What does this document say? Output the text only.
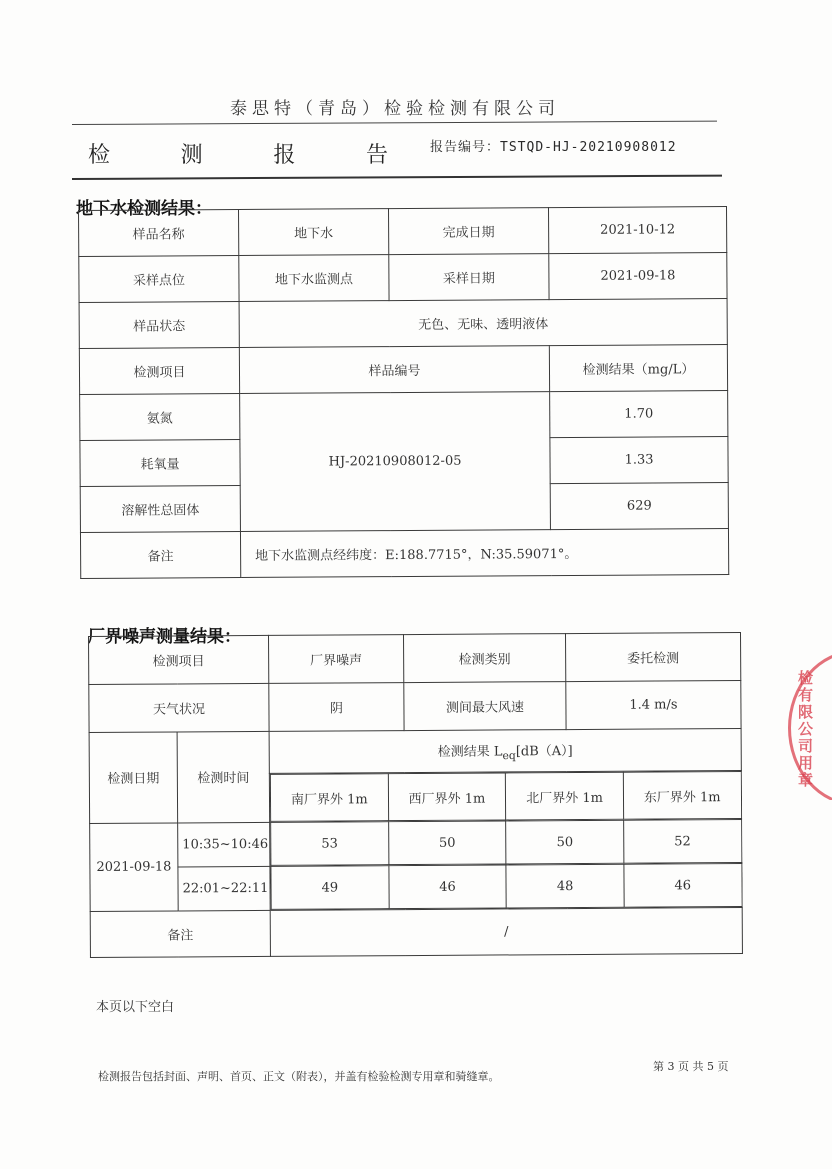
泰思特（青岛）检验检测有限公司
检	测	报	告	报告编号：TSTQD-HJ-20210908012
地下水检测结果：
样品名称	地下水	完成日期	2021-10-12
采样点位	地下水监测点	采样日期	2021-09-18
样品状态	无色、无味、透明液体		
检测项目	样品编号		检测结果（mg/L）
氨氮	HJ-20210908012-05		1.70
耗氧量			1.33
溶解性总固体			629
备注	地下水监测点经纬度：E:188.7715°，N:35.59071°。		
厂界噪声测量结果：
检测项目	厂界噪声	检测类别	委托检测
天气状况	阴	测间最大风速	1.4 m/s
检测日期	检测时间	检测结果 $L_{eq}[dB(A)]$

南厂界外 1m	西厂界外 1m	北厂界外 1m	东厂界外 1m

2021-09-18	10:35~10:46		53	50	50	52

22:01~22:11		49	46	48	46

备注	/
本页以下空白
第 3 页 共 5 页
检测报告包括封面、声明、首页、正文（附表），并盖有检验检测专用章和骑缝章。
检有限公司用章
